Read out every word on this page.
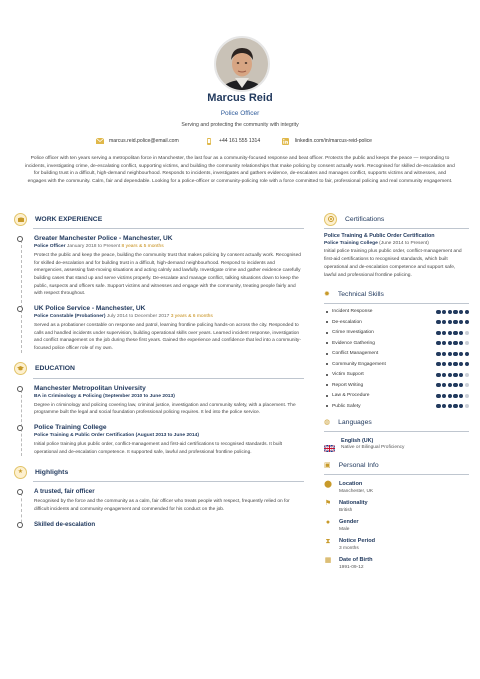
Marcus Reid
Police Officer
Serving and protecting the community with integrity
marcus.reid.police@email.com	+44 161 555 1314	linkedin.com/in/marcus-reid-police
Police officer with ten years serving a metropolitan force in Manchester, the last four as a community-focused response and beat officer. Protects the public and keeps the peace — responding to incidents, investigating crime, de-escalating conflict, supporting victims, and building the community relationships that make policing by consent actually work. Recognised for skilled de-escalation and for building trust in a difficult, high-demand neighbourhood. Responds to incidents, investigates and gathers evidence, de-escalates and manages conflict, supports victims and witnesses, and engages with the community. Calm, fair and dependable. Looking for a police-officer or community-policing role with a force committed to fair, professional policing and real community engagement.
WORK EXPERIENCE
Greater Manchester Police - Manchester, UK
Police Officer January 2018 to Present 8 years & 5 months
Protect the public and keep the peace, building the community trust that makes policing by consent actually work. Recognised for skilled de-escalation and for building trust in a difficult, high-demand neighbourhood. Respond to incidents and emergencies, assessing fast-moving situations and acting calmly and lawfully. Investigate crime and gather evidence carefully building cases that stand up and serve victims properly. De-escalate and manage conflict, talking situations down to keep the public, suspects and officers safe. Support victims and witnesses and engage with the community, treating people fairly and with respect throughout.
UK Police Service - Manchester, UK
Police Constable (Probationer) July 2014 to December 2017 3 years & 6 months
Served as a probationer constable on response and patrol, learning frontline policing hands-on across the city. Responded to calls and handled incidents under supervision, building operational skills over years. Learned incident response, investigation and conflict management on the job during these first years. Gained the experience and confidence that led into a community-focused police officer role of my own.
EDUCATION
Manchester Metropolitan University
BA in Criminology & Policing (September 2010 to June 2013)
Degree in criminology and policing covering law, criminal justice, investigation and community safety, with a placement. The programme built the legal and social foundation professional policing requires. It led into the police service.
Police Training College
Police Training & Public Order Certification (August 2013 to June 2014)
Initial police training plus public order, conflict-management and first-aid certifications to recognised standards. It built operational and de-escalation competence. It supported safe, lawful and professional frontline policing.
★	Highlights
A trusted, fair officer
Recognised by the force and the community as a calm, fair officer who treats people with respect, frequently relied on for difficult incidents and community engagement and commended for his conduct on the job.
Skilled de-escalation
Certifications
Police Training & Public Order Certification
Police Training College (June 2014 to Present)
Initial police training plus public order, conflict-management and first-aid certifications to recognised standards, which built operational and de-escalation competence and support safe, lawful and professional frontline policing.
✹ Technical Skills
Incident Response
De-escalation
Crime Investigation
Evidence Gathering
Conflict Management
Community Engagement
Victim Support
Report Writing
Law & Procedure
Public Safety
◍ Languages
English (UK)
Native or Bilingual Proficiency
▣ Personal Info
⬤ Location
Manchester, UK
⚑ Nationality
British
●	Gender
Male
⧗ Notice Period
3 months
▦ Date of Birth
1991-09-12
